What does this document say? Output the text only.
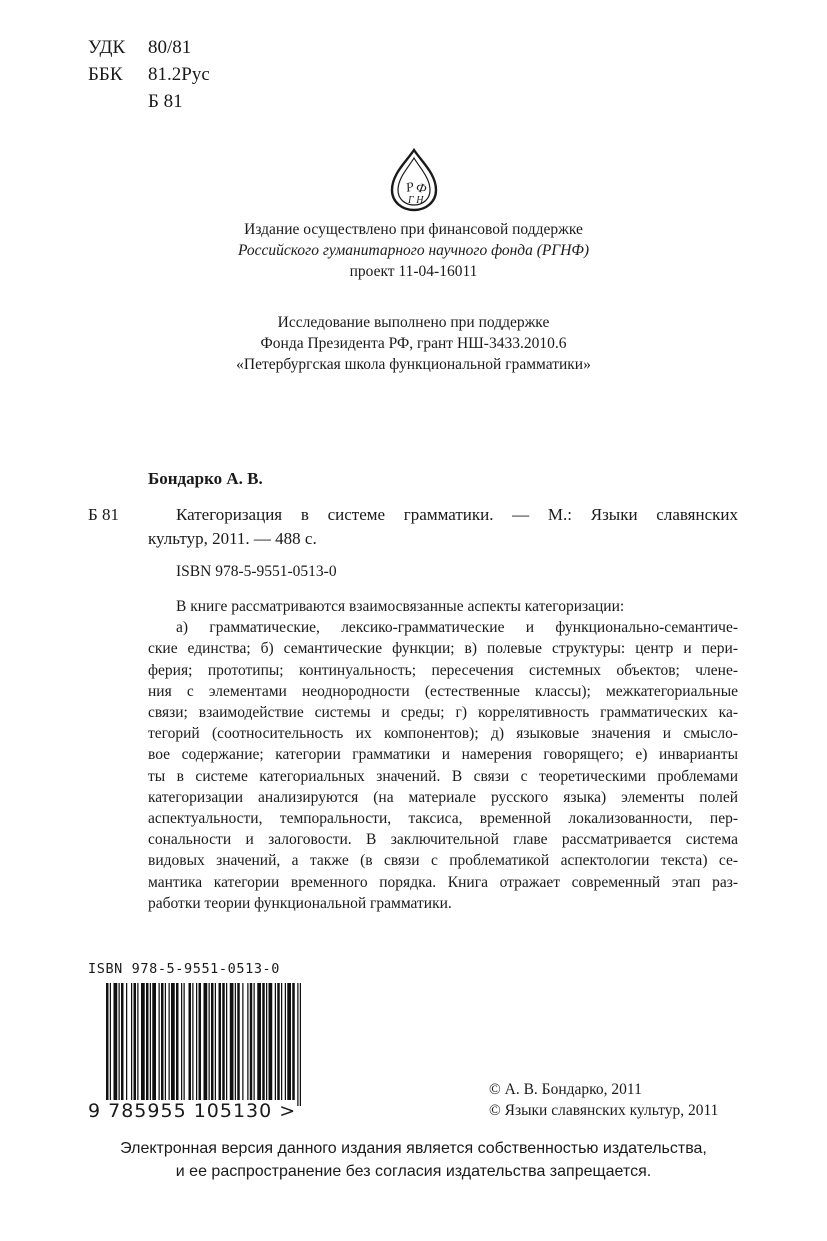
УДК	80/81
ББК	81.2Рус
Б 81
Р Ф
Г Н
Издание осуществлено при финансовой поддержке
Российского гуманитарного научного фонда (РГНФ)
проект 11-04-16011
Исследование выполнено при поддержке
Фонда Президента РФ, грант НШ-3433.2010.6
«Петербургская школа функциональной грамматики»
Бондарко А. В.
Б 81	Категоризация в системе грамматики. — М.: Языки славянских
культур, 2011. — 488 с.
ISBN 978-5-9551-0513-0
В книге рассматриваются взаимосвязанные аспекты категоризации:
а) грамматические, лексико-грамматические и функционально-семантиче-
ские единства; б) семантические функции; в) полевые структуры: центр и пери-
ферия; прототипы; континуальность; пересечения системных объектов; члене-
ния с элементами неоднородности (естественные классы); межкатегориальные
связи; взаимодействие системы и среды; г) коррелятивность грамматических ка-
тегорий (соотносительность их компонентов); д) языковые значения и смысло-
вое содержание; категории грамматики и намерения говорящего; е) инварианты
ты в системе категориальных значений. В связи с теоретическими проблемами
категоризации анализируются (на материале русского языка) элементы полей
аспектуальности, темпоральности, таксиса, временной локализованности, пер-
сональности и залоговости. В заключительной главе рассматривается система
видовых значений, а также (в связи с проблематикой аспектологии текста) се-
мантика категории временного порядка. Книга отражает современный этап раз-
работки теории функциональной грамматики.
ISBN 978-5-9551-0513-0
9 785955 105130 >
© А. В. Бондарко, 2011
© Языки славянских культур, 2011
Электронная версия данного издания является собственностью издательства,
и ее распространение без согласия издательства запрещается.
